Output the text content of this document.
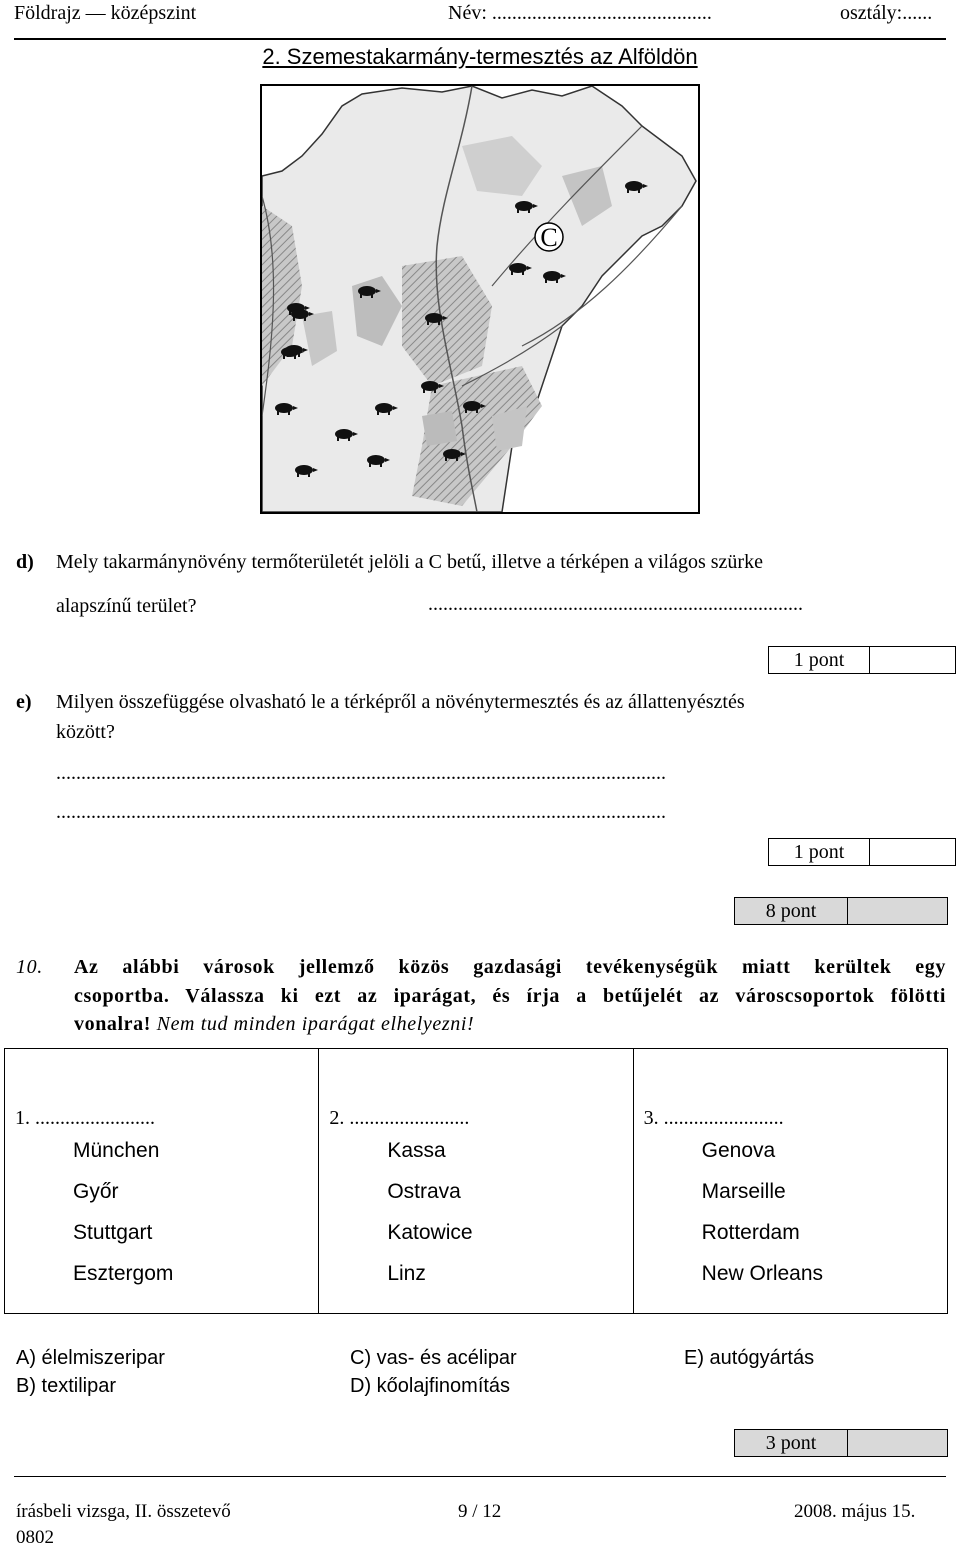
Földrajz — középszint	Név: ............................................	osztály:......
2. Szemestakarmány-termesztés az Alföldön
C
d) Mely takarmánynövény termőterületét jelöli a C betű, illetve a térképen a világos szürke
alapszínű terület?	...........................................................................
1 pont
e) Milyen összefüggése olvasható le a térképről a növénytermesztés és az állattenyésztés
között?
..........................................................................................................................
..........................................................................................................................
1 pont
8 pont
10. Az alábbi városok jellemző közös gazdasági tevékenységük miatt kerültek egy
csoportba. Válassza ki ezt az iparágat, és írja a betűjelét az városcsoportok fölötti
vonalra! Nem tud minden iparágat elhelyezni!
1. ........................
München
Győr
Stuttgart
Esztergom

2. ........................
Kassa
Ostrava
Katowice
Linz

3. ........................
Genova
Marseille
Rotterdam
New Orleans
A) élelmiszeripar
B) textilipar
C) vas- és acélipar
D) kőolajfinomítás
E) autógyártás
3 pont
írásbeli vizsga, II. összetevő
0802
9 / 12	2008. május 15.
